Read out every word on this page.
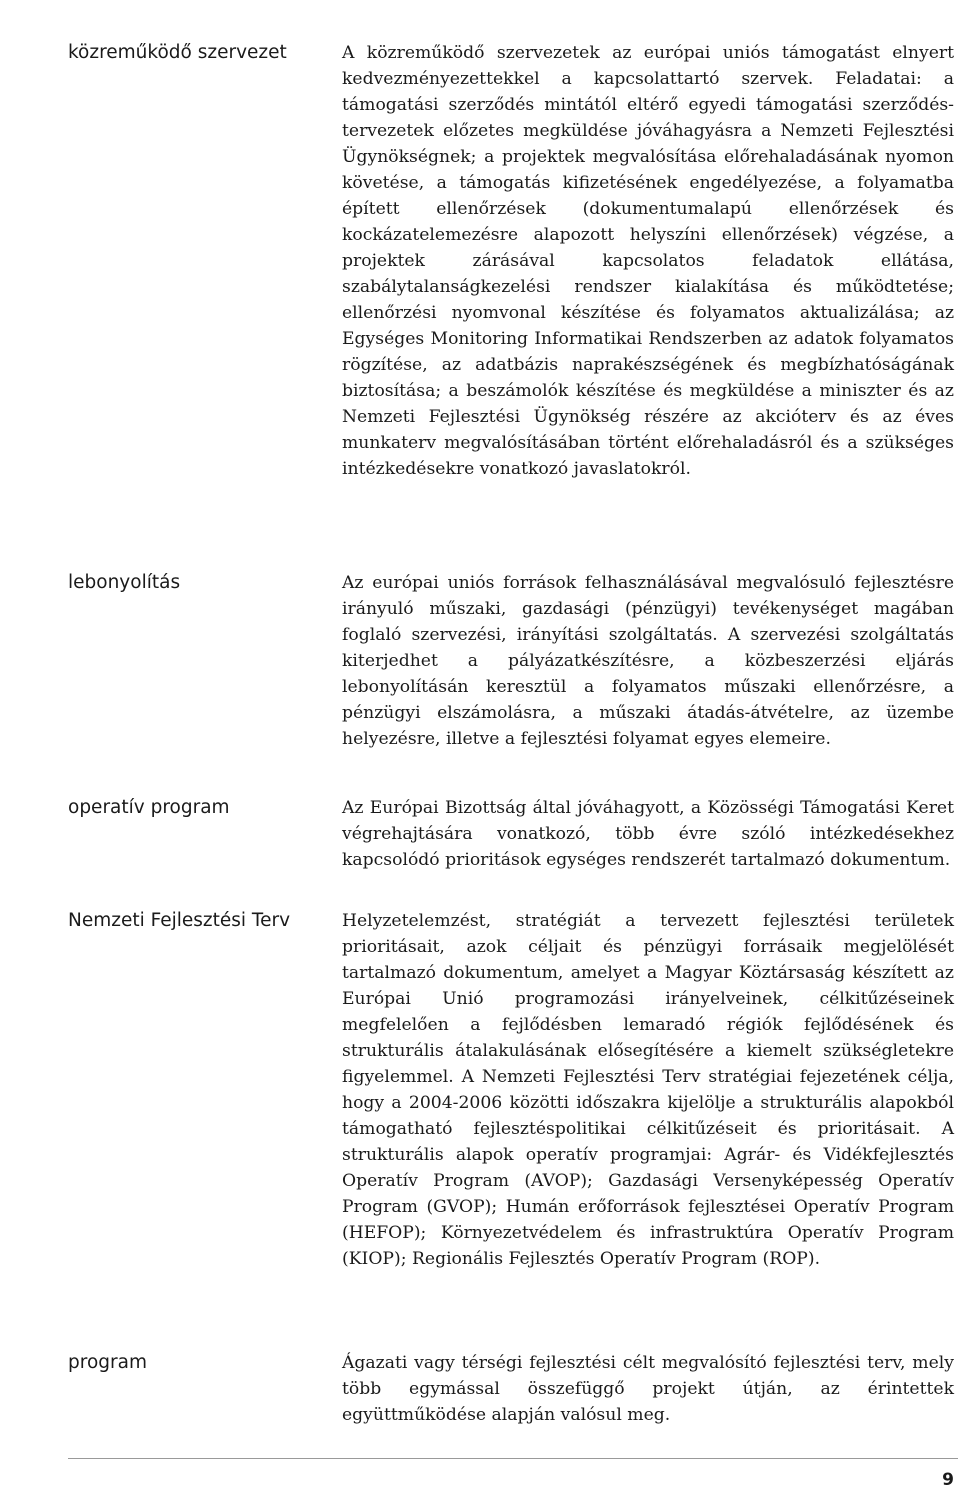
közreműködő szervezet	A közreműködő szervezetek az európai uniós támogatást elnyert kedvezményezettekkel a kapcsolattartó szervek. Feladatai: a támogatási szerződés mintától eltérő egyedi támogatási szerződés-tervezetek előzetes megküldése jóváhagyásra a Nemzeti Fejlesztési Ügynökségnek; a projektek megvalósítása előrehaladásának nyomon követése, a támogatás kifizetésének engedélyezése, a folyamatba épített ellenőrzések (dokumentumalapú ellenőrzések és kockázatelemezésre alapozott helyszíni ellenőrzések) végzése, a projektek zárásával kapcsolatos feladatok ellátása, szabálytalanságkezelési rendszer kialakítása és működtetése; ellenőrzési nyomvonal készítése és folyamatos aktualizálása; az Egységes Monitoring Informatikai Rendszerben az adatok folyamatos rögzítése, az adatbázis naprakészségének és megbízhatóságának biztosítása; a beszámolók készítése és megküldése a miniszter és az Nemzeti Fejlesztési Ügynökség részére az akcióterv és az éves munkaterv megvalósításában történt előrehaladásról és a szükséges intézkedésekre vonatkozó javaslatokról.
lebonyolítás	Az európai uniós források felhasználásával megvalósuló fejlesztésre irányuló műszaki, gazdasági (pénzügyi) tevékenységet magában foglaló szervezési, irányítási szolgáltatás. A szervezési szolgáltatás kiterjedhet a pályázatkészítésre, a közbeszerzési eljárás lebonyolításán keresztül a folyamatos műszaki ellenőrzésre, a pénzügyi elszámolásra, a műszaki átadás-átvételre, az üzembe helyezésre, illetve a fejlesztési folyamat egyes elemeire.
operatív program	Az Európai Bizottság által jóváhagyott, a Közösségi Támogatási Keret végrehajtására vonatkozó, több évre szóló intézkedésekhez kapcsolódó prioritások egységes rendszerét tartalmazó dokumentum.
Nemzeti Fejlesztési Terv	Helyzetelemzést, stratégiát a tervezett fejlesztési területek prioritásait, azok céljait és pénzügyi forrásaik megjelölését tartalmazó dokumentum, amelyet a Magyar Köztársaság készített az Európai Unió programozási irányelveinek, célkitűzéseinek megfelelően a fejlődésben lemaradó régiók fejlődésének és strukturális átalakulásának elősegítésére a kiemelt szükségletekre figyelemmel. A Nemzeti Fejlesztési Terv stratégiai fejezetének célja, hogy a 2004-2006 közötti időszakra kijelölje a strukturális alapokból támogatható fejlesztéspolitikai célkitűzéseit és prioritásait. A strukturális alapok operatív programjai: Agrár- és Vidékfejlesztés Operatív Program (AVOP); Gazdasági Versenyképesség Operatív Program (GVOP); Humán erőforrások fejlesztései Operatív Program (HEFOP); Környezetvédelem és infrastruktúra Operatív Program (KIOP); Regionális Fejlesztés Operatív Program (ROP).
program	Ágazati vagy térségi fejlesztési célt megvalósító fejlesztési terv, mely több egymással összefüggő projekt útján, az érintettek együttműködése alapján valósul meg.
9
